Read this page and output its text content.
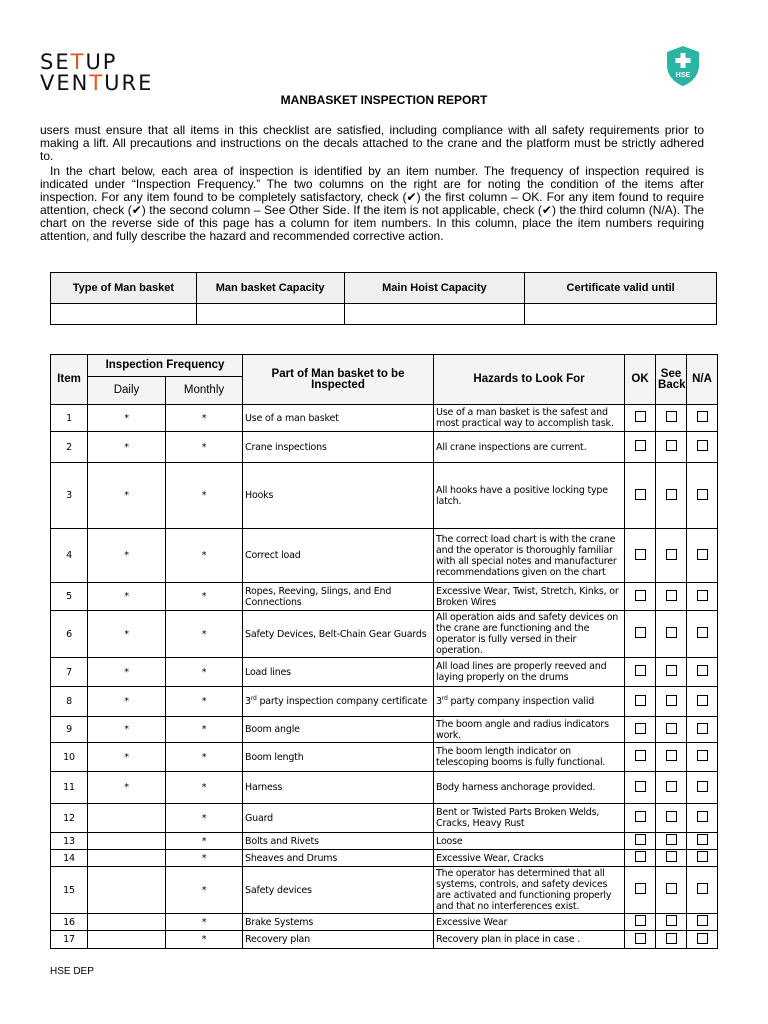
SETUP
VENTURE	HSE
MANBASKET INSPECTION REPORT

users must ensure that all items in this checklist are satisfied, including compliance with all safety requirements prior to making a lift. All precautions and instructions on the decals attached to the crane and the platform must be strictly adhered to.

In the chart below, each area of inspection is identified by an item number. The frequency of inspection required is indicated under “Inspection Frequency.” The two columns on the right are for noting the condition of the items after inspection. For any item found to be completely satisfactory, check (✔) the first column – OK. For any item found to require attention, check (✔) the second column – See Other Side. If the item is not applicable, check (✔) the third column (N/A). The chart on the reverse side of this page has a column for item numbers. In this column, place the item numbers requiring attention, and fully describe the hazard and recommended corrective action.

Type of Man basket	Man basket Capacity	Main Hoist Capacity	Certificate valid until

Item	Inspection Frequency		Part of Man basket to be Inspected	Hazards to Look For	OK	See Back	N/A
	Daily	Monthly					
1	*	*	Use of a man basket	Use of a man basket is the safest and most practical way to accomplish task.			
2	*	*	Crane inspections	All crane inspections are current.			
3	*	*	Hooks	All hooks have a positive locking type latch.			
4	*	*	Correct load	The correct load chart is with the crane and the operator is thoroughly familiar with all special notes and manufacturer recommendations given on the chart			
5	*	*	Ropes, Reeving, Slings, and End Connections	Excessive Wear, Twist, Stretch, Kinks, or Broken Wires			
6	*	*	Safety Devices, Belt-Chain Gear Guards	All operation aids and safety devices on the crane are functioning and the operator is fully versed in their operation.			
7	*	*	Load lines	All load lines are properly reeved and laying properly on the drums			
8	*	*	3rd party inspection company certificate	3rd party company inspection valid			
9	*	*	Boom angle	The boom angle and radius indicators work.			
10	*	*	Boom length	The boom length indicator on telescoping booms is fully functional.			
11	*	*	Harness	Body harness anchorage provided.			
12		*	Guard	Bent or Twisted Parts Broken Welds, Cracks, Heavy Rust			
13		*	Bolts and Rivets	Loose			
14		*	Sheaves and Drums	Excessive Wear, Cracks			
15		*	Safety devices	The operator has determined that all systems, controls, and safety devices are activated and functioning properly and that no interferences exist.			
16		*	Brake Systems	Excessive Wear			
17		*	Recovery plan	Recovery plan in place in case .			
HSE DEP
